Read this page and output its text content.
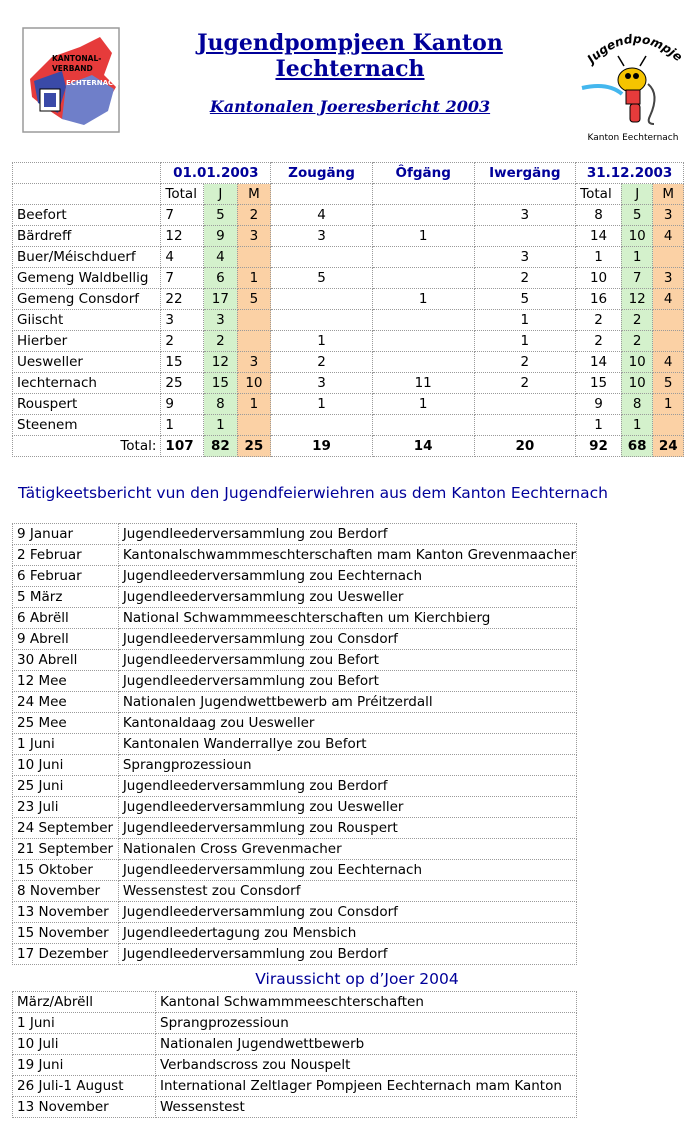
KANTONAL-
VERBAND
ECHTERNACH
Jugendpompjeen Kanton Iechternach
Kantonalen Joeresbericht 2003
Jugendpompje
Kanton Eechternach
	01.01.2003			Zougäng	Ôfgäng	Iwergäng	31.12.2003		
	Total	J	M				Total	J	M
Beefort	7	5	2	4		3	8	5	3
Bärdreff	12	9	3	3	1		14	10	4
Buer/Méischduerf	4	4				3	1	1	
Gemeng Waldbellig	7	6	1	5		2	10	7	3
Gemeng Consdorf	22	17	5		1	5	16	12	4
Giischt	3	3				1	2	2	
Hierber	2	2		1		1	2	2	
Uesweller	15	12	3	2		2	14	10	4
Iechternach	25	15	10	3	11	2	15	10	5
Rouspert	9	8	1	1	1		9	8	1
Steenem	1	1					1	1	
Total:	107	82	25	19	14	20	92	68	24
Tätigkeetsbericht vun den Jugendfeierwiehren aus dem Kanton Eechternach
9 Januar	Jugendleederversammlung zou Berdorf
2 Februar	Kantonalschwammmeschterschaften mam Kanton Grevenmaacher
6 Februar	Jugendleederversammlung zou Eechternach
5 März	Jugendleederversammlung zou Uesweller
6 Abrëll	National Schwammmeeschterschaften um Kierchbierg
9 Abrell	Jugendleederversammlung zou Consdorf
30 Abrell	Jugendleederversammlung zou Befort
12 Mee	Jugendleederversammlung zou Befort
24 Mee	Nationalen Jugendwettbewerb am Préitzerdall
25 Mee	Kantonaldaag zou Uesweller
1 Juni	Kantonalen Wanderrallye zou Befort
10 Juni	Sprangprozessioun
25 Juni	Jugendleederversammlung zou Berdorf
23 Juli	Jugendleederversammlung zou Uesweller
24 September	Jugendleederversammlung zou Rouspert
21 September	Nationalen Cross Grevenmacher
15 Oktober	Jugendleederversammlung zou Eechternach
8 November	Wessenstest zou Consdorf
13 November	Jugendleederversammlung zou Consdorf
15 November	Jugendleedertagung zou Mensbich
17 Dezember	Jugendleederversammlung zou Berdorf
Viraussicht op d’Joer 2004
März/Abrëll	Kantonal Schwammmeeschterschaften
1 Juni	Sprangprozessioun
10 Juli	Nationalen Jugendwettbewerb
19 Juni	Verbandscross zou Nouspelt
26 Juli-1 August	International Zeltlager Pompjeen Eechternach mam Kanton
13 November	Wessenstest
